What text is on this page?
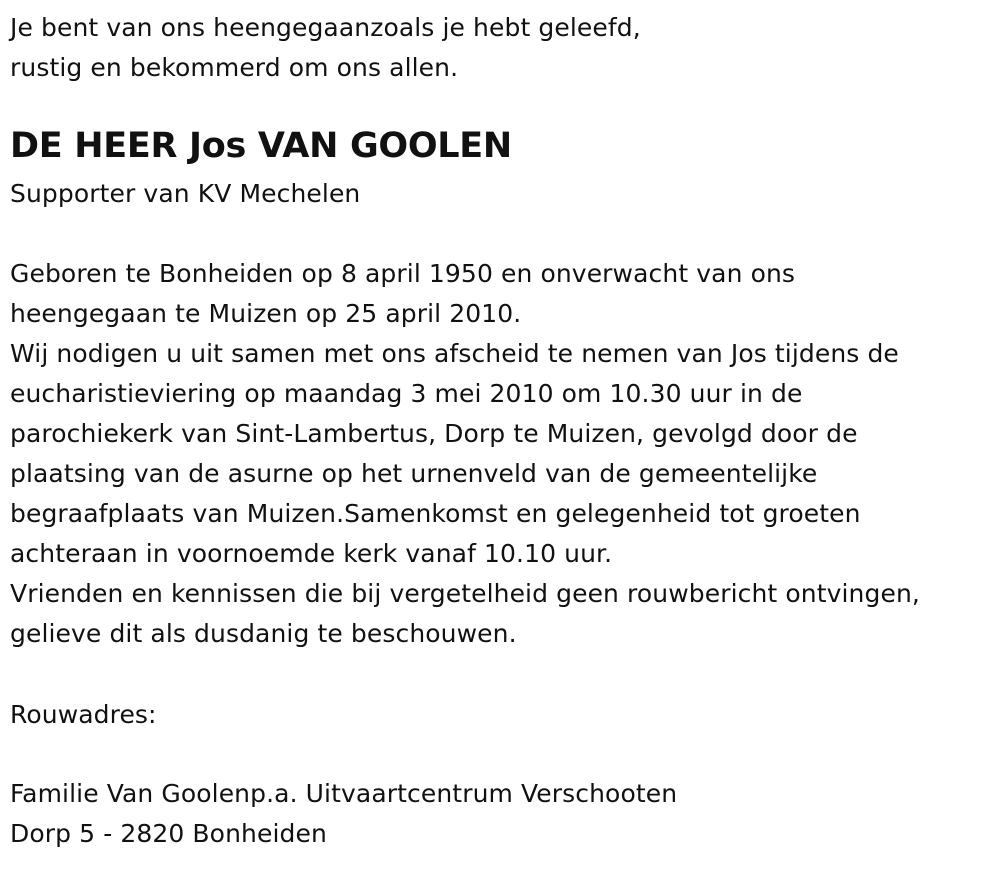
Je bent van ons heengegaanzoals je hebt geleefd,
rustig en bekommerd om ons allen.
DE HEER Jos VAN GOOLEN
Supporter van KV Mechelen
Geboren te Bonheiden op 8 april 1950 en onverwacht van ons
heengegaan te Muizen op 25 april 2010.
Wij nodigen u uit samen met ons afscheid te nemen van Jos tijdens de
eucharistieviering op maandag 3 mei 2010 om 10.30 uur in de
parochiekerk van Sint-Lambertus, Dorp te Muizen, gevolgd door de
plaatsing van de asurne op het urnenveld van de gemeentelijke
begraafplaats van Muizen.Samenkomst en gelegenheid tot groeten
achteraan in voornoemde kerk vanaf 10.10 uur.
Vrienden en kennissen die bij vergetelheid geen rouwbericht ontvingen,
gelieve dit als dusdanig te beschouwen.
Rouwadres:
Familie Van Goolenp.a. Uitvaartcentrum Verschooten
Dorp 5 - 2820 Bonheiden
